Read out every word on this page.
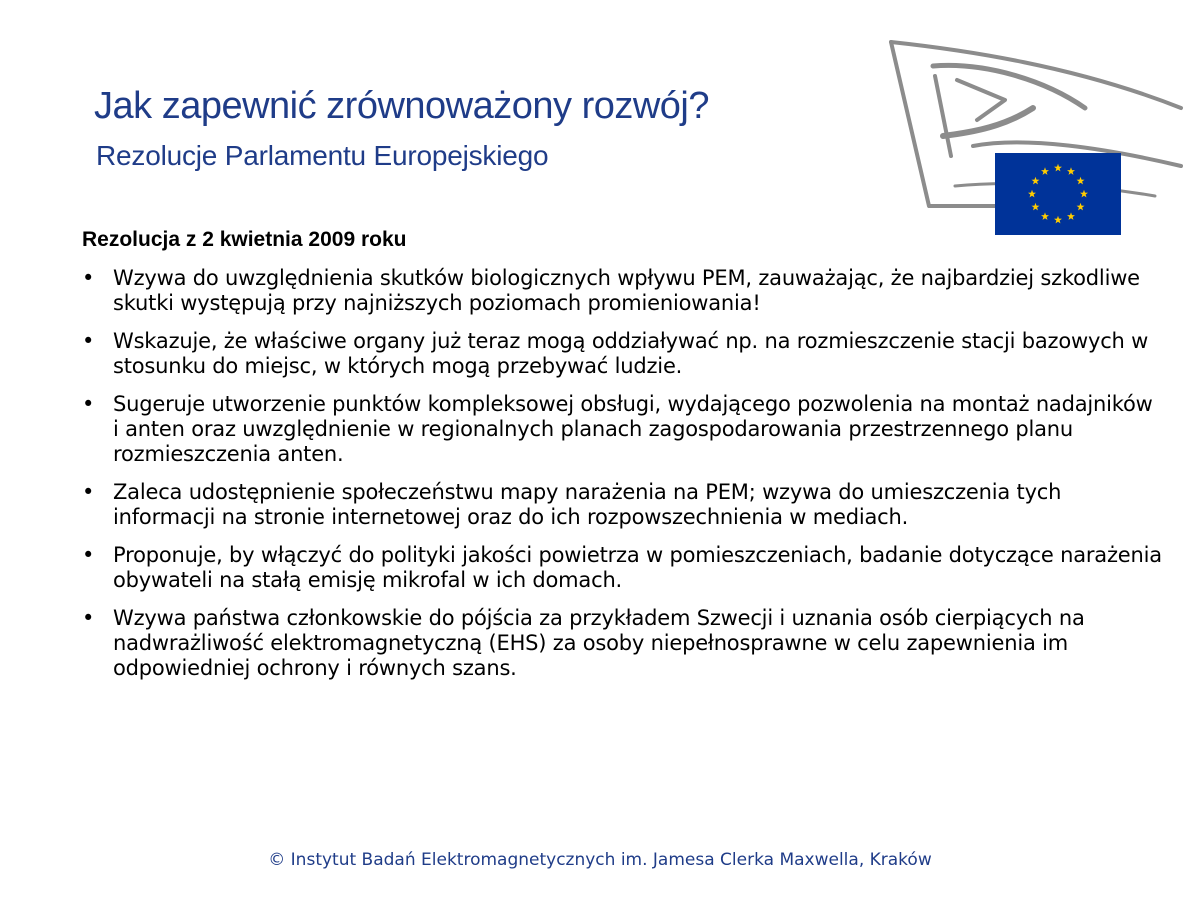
Jak zapewnić zrównoważony rozwój?
Rezolucje Parlamentu Europejskiego
Rezolucja z 2 kwietnia 2009 roku
• Wzywa do uwzględnienia skutków biologicznych wpływu PEM, zauważając, że najbardziej szkodliwe skutki występują przy najniższych poziomach promieniowania!
• Wskazuje, że właściwe organy już teraz mogą oddziaływać np. na rozmieszczenie stacji bazowych w stosunku do miejsc, w których mogą przebywać ludzie.
• Sugeruje utworzenie punktów kompleksowej obsługi, wydającego pozwolenia na montaż nadajników i anten oraz uwzględnienie w regionalnych planach zagospodarowania przestrzennego planu rozmieszczenia anten.
• Zaleca udostępnienie społeczeństwu mapy narażenia na PEM; wzywa do umieszczenia tych informacji na stronie internetowej oraz do ich rozpowszechnienia w mediach.
• Proponuje, by włączyć do polityki jakości powietrza w pomieszczeniach, badanie dotyczące narażenia obywateli na stałą emisję mikrofal w ich domach.
• Wzywa państwa członkowskie do pójścia za przykładem Szwecji i uznania osób cierpiących na nadwrażliwość elektromagnetyczną (EHS) za osoby niepełnosprawne w celu zapewnienia im odpowiedniej ochrony i równych szans.
© Instytut Badań Elektromagnetycznych im. Jamesa Clerka Maxwella, Kraków
